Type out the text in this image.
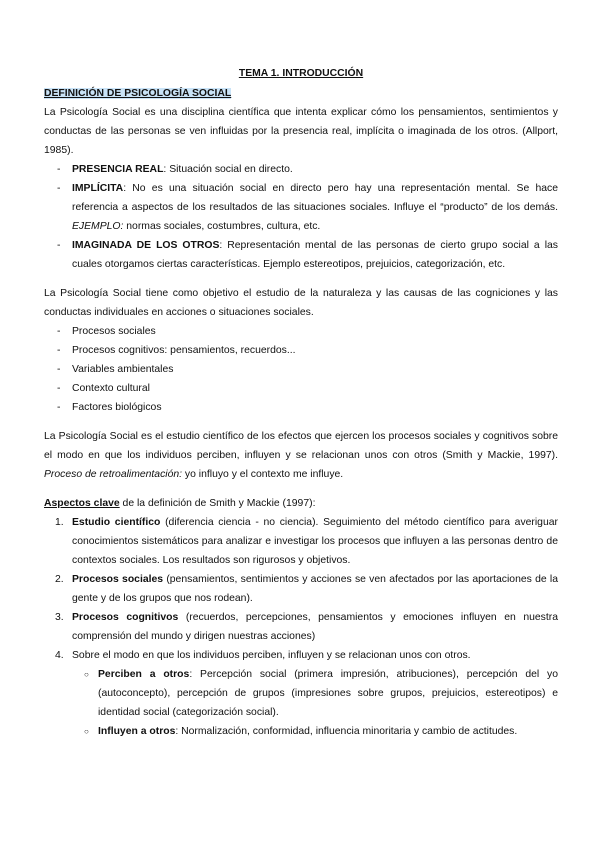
TEMA 1. INTRODUCCIÓN
DEFINICIÓN DE PSICOLOGÍA SOCIAL

La Psicología Social es una disciplina científica que intenta explicar cómo los pensamientos, sentimientos y conductas de las personas se ven influidas por la presencia real, implícita o imaginada de los otros. (Allport, 1985).

- PRESENCIA REAL: Situación social en directo.
- IMPLÍCITA: No es una situación social en directo pero hay una representación mental. Se hace referencia a aspectos de los resultados de las situaciones sociales. Influye el “producto” de los demás. EJEMPLO: normas sociales, costumbres, cultura, etc.
- IMAGINADA DE LOS OTROS: Representación mental de las personas de cierto grupo social a las cuales otorgamos ciertas características. Ejemplo estereotipos, prejuicios, categorización, etc.

La Psicología Social tiene como objetivo el estudio de la naturaleza y las causas de las cogniciones y las conductas individuales en acciones o situaciones sociales.

- Procesos sociales
- Procesos cognitivos: pensamientos, recuerdos...
- Variables ambientales
- Contexto cultural
- Factores biológicos

La Psicología Social es el estudio científico de los efectos que ejercen los procesos sociales y cognitivos sobre el modo en que los individuos perciben, influyen y se relacionan unos con otros (Smith y Mackie, 1997). Proceso de retroalimentación: yo influyo y el contexto me influye.

Aspectos clave de la definición de Smith y Mackie (1997):

1. Estudio científico (diferencia ciencia - no ciencia). Seguimiento del método científico para averiguar conocimientos sistemáticos para analizar e investigar los procesos que influyen a las personas dentro de contextos sociales. Los resultados son rigurosos y objetivos.
2. Procesos sociales (pensamientos, sentimientos y acciones se ven afectados por las aportaciones de la gente y de los grupos que nos rodean).
3. Procesos cognitivos (recuerdos, percepciones, pensamientos y emociones influyen en nuestra comprensión del mundo y dirigen nuestras acciones)
4. Sobre el modo en que los individuos perciben, influyen y se relacionan unos con otros.
○ Perciben a otros: Percepción social (primera impresión, atribuciones), percepción del yo (autoconcepto), percepción de grupos (impresiones sobre grupos, prejuicios, estereotipos) e identidad social (categorización social).
○ Influyen a otros: Normalización, conformidad, influencia minoritaria y cambio de actitudes.
